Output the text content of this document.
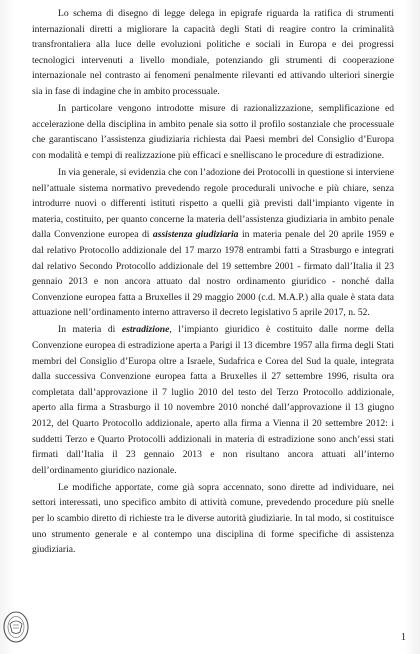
Lo schema di disegno di legge delega in epigrafe riguarda la ratifica di strumenti internazionali diretti a migliorare la capacità degli Stati di reagire contro la criminalità transfrontaliera alla luce delle evoluzioni politiche e sociali in Europa e dei progressi tecnologici intervenuti a livello mondiale, potenziando gli strumenti di cooperazione internazionale nel contrasto ai fenomeni penalmente rilevanti ed attivando ulteriori sinergie sia in fase di indagine che in ambito processuale.

In particolare vengono introdotte misure di razionalizzazione, semplificazione ed accelerazione della disciplina in ambito penale sia sotto il profilo sostanziale che processuale che garantiscano l’assistenza giudiziaria richiesta dai Paesi membri del Consiglio d’Europa con modalità e tempi di realizzazione più efficaci e snelliscano le procedure di estradizione.

In via generale, si evidenzia che con l’adozione dei Protocolli in questione si interviene nell’attuale sistema normativo prevedendo regole procedurali univoche e più chiare, senza introdurre nuovi o differenti istituti rispetto a quelli già previsti dall’impianto vigente in materia, costituito, per quanto concerne la materia dell’assistenza giudiziaria in ambito penale dalla Convenzione europea di assistenza giudiziaria in materia penale del 20 aprile 1959 e dal relativo Protocollo addizionale del 17 marzo 1978 entrambi fatti a Strasburgo e integrati dal relativo Secondo Protocollo addizionale del 19 settembre 2001 - firmato dall’Italia il 23 gennaio 2013 e non ancora attuato dal nostro ordinamento giuridico - nonché dalla Convenzione europea fatta a Bruxelles il 29 maggio 2000 (c.d. M.A.P.) alla quale è stata data attuazione nell’ordinamento interno attraverso il decreto legislativo 5 aprile 2017, n. 52.

In materia di estradizione, l’impianto giuridico è costituito dalle norme della Convenzione europea di estradizione aperta a Parigi il 13 dicembre 1957 alla firma degli Stati membri del Consiglio d’Europa oltre a Israele, Sudafrica e Corea del Sud la quale, integrata dalla successiva Convenzione europea fatta a Bruxelles il 27 settembre 1996, risulta ora completata dall’approvazione il 7 luglio 2010 del testo del Terzo Protocollo addizionale, aperto alla firma a Strasburgo il 10 novembre 2010 nonché dall’approvazione il 13 giugno 2012, del Quarto Protocollo addizionale, aperto alla firma a Vienna il 20 settembre 2012: i suddetti Terzo e Quarto Protocolli addizionali in materia di estradizione sono anch’essi stati firmati dall’Italia il 23 gennaio 2013 e non risultano ancora attuati all’interno dell’ordinamento giuridico nazionale.

Le modifiche apportate, come già sopra accennato, sono dirette ad individuare, nei settori interessati, uno specifico ambito di attività comune, prevedendo procedure più snelle per lo scambio diretto di richieste tra le diverse autorità giudiziarie. In tal modo, si costituisce uno strumento generale e al contempo una disciplina di forme specifiche di assistenza giudiziaria.

1
